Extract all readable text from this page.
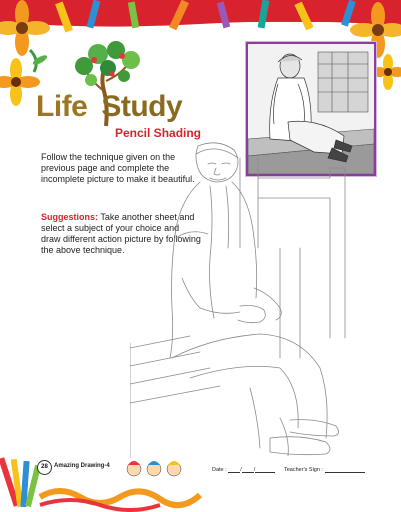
Life Study
Pencil Shading
Follow the technique given on the previous page and complete the incomplete picture to make it beautiful.
Suggestions: Take another sheet and select a subject of your choice and draw different action picture by following the above technique.
28	Amazing Drawing-4
Date : / /	Teacher's Sign :
